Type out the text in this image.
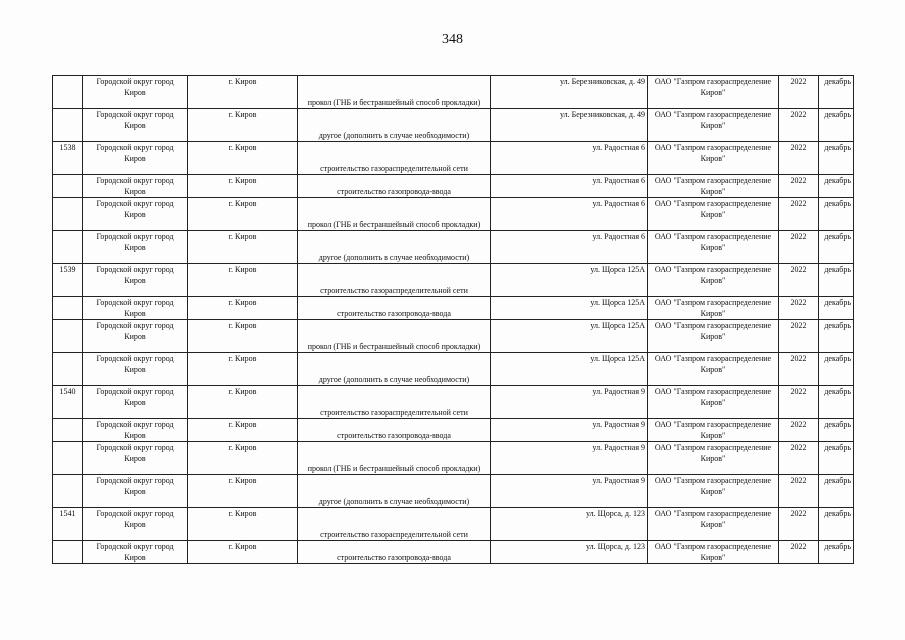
348
	Городской округ город Киров	г. Киров	прокол (ГНБ и бестраншейный способ прокладки)	ул. Березниковская, д. 49	ОАО "Газпром газораспределение Киров"	2022	декабрь
	Городской округ город Киров	г. Киров	другое (дополнить в случае необходимости)	ул. Березниковская, д. 49	ОАО "Газпром газораспределение Киров"	2022	декабрь
1538	Городской округ город Киров	г. Киров	строительство газораспределительной сети	ул. Радостная 6	ОАО "Газпром газораспределение Киров"	2022	декабрь
	Городской округ город Киров	г. Киров	строительство газопровода-ввода	ул. Радостная 6	ОАО "Газпром газораспределение Киров"	2022	декабрь
	Городской округ город Киров	г. Киров	прокол (ГНБ и бестраншейный способ прокладки)	ул. Радостная 6	ОАО "Газпром газораспределение Киров"	2022	декабрь
	Городской округ город Киров	г. Киров	другое (дополнить в случае необходимости)	ул. Радостная 6	ОАО "Газпром газораспределение Киров"	2022	декабрь
1539	Городской округ город Киров	г. Киров	строительство газораспределительной сети	ул. Щорса 125А	ОАО "Газпром газораспределение Киров"	2022	декабрь
	Городской округ город Киров	г. Киров	строительство газопровода-ввода	ул. Щорса 125А	ОАО "Газпром газораспределение Киров"	2022	декабрь
	Городской округ город Киров	г. Киров	прокол (ГНБ и бестраншейный способ прокладки)	ул. Щорса 125А	ОАО "Газпром газораспределение Киров"	2022	декабрь
	Городской округ город Киров	г. Киров	другое (дополнить в случае необходимости)	ул. Щорса 125А	ОАО "Газпром газораспределение Киров"	2022	декабрь
1540	Городской округ город Киров	г. Киров	строительство газораспределительной сети	ул. Радостная 9	ОАО "Газпром газораспределение Киров"	2022	декабрь
	Городской округ город Киров	г. Киров	строительство газопровода-ввода	ул. Радостная 9	ОАО "Газпром газораспределение Киров"	2022	декабрь
	Городской округ город Киров	г. Киров	прокол (ГНБ и бестраншейный способ прокладки)	ул. Радостная 9	ОАО "Газпром газораспределение Киров"	2022	декабрь
	Городской округ город Киров	г. Киров	другое (дополнить в случае необходимости)	ул. Радостная 9	ОАО "Газпром газораспределение Киров"	2022	декабрь
1541	Городской округ город Киров	г. Киров	строительство газораспределительной сети	ул. Щорса, д. 123	ОАО "Газпром газораспределение Киров"	2022	декабрь
	Городской округ город Киров	г. Киров	строительство газопровода-ввода	ул. Щорса, д. 123	ОАО "Газпром газораспределение Киров"	2022	декабрь
